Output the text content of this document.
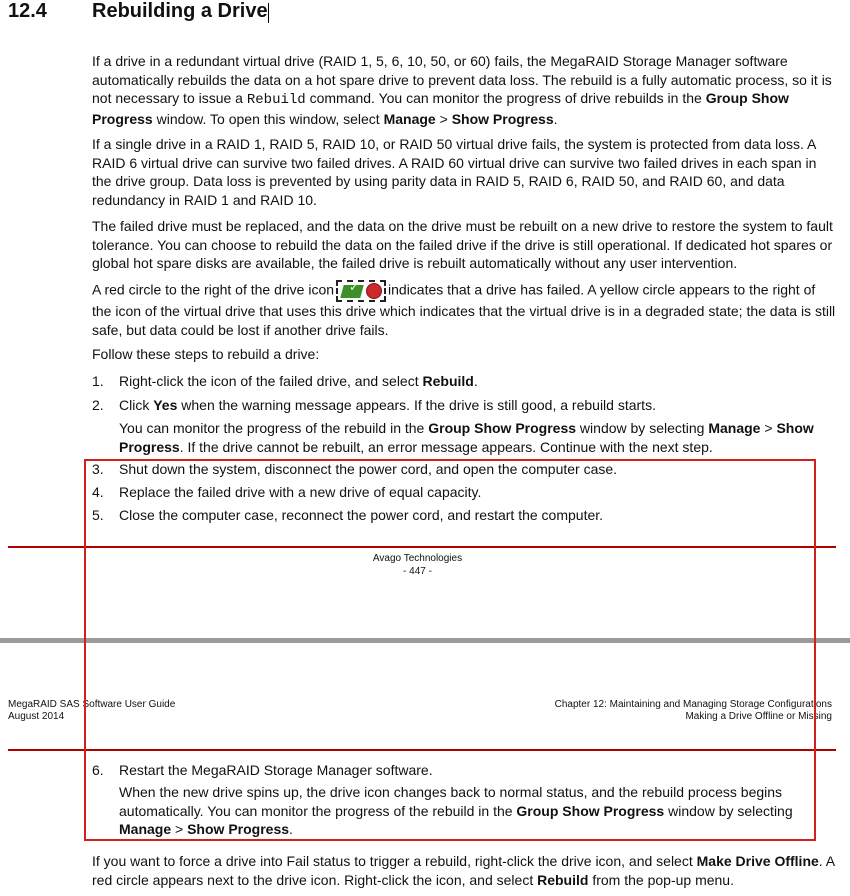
12.4 Rebuilding a Drive

If a drive in a redundant virtual drive (RAID 1, 5, 6, 10, 50, or 60) fails, the MegaRAID Storage Manager software automatically rebuilds the data on a hot spare drive to prevent data loss. The rebuild is a fully automatic process, so it is not necessary to issue a Rebuild command. You can monitor the progress of drive rebuilds in the Group Show Progress window. To open this window, select Manage > Show Progress.

If a single drive in a RAID 1, RAID 5, RAID 10, or RAID 50 virtual drive fails, the system is protected from data loss. A RAID 6 virtual drive can survive two failed drives. A RAID 60 virtual drive can survive two failed drives in each span in the drive group. Data loss is prevented by using parity data in RAID 5, RAID 6, RAID 50, and RAID 60, and data redundancy in RAID 1 and RAID 10.

The failed drive must be replaced, and the data on the drive must be rebuilt on a new drive to restore the system to fault tolerance. You can choose to rebuild the data on the failed drive if the drive is still operational. If dedicated hot spares or global hot spare disks are available, the failed drive is rebuilt automatically without any user intervention.

A red circle to the right of the drive icon ✓ indicates that a drive has failed. A yellow circle appears to the right of the icon of the virtual drive that uses this drive which indicates that the virtual drive is in a degraded state; the data is still safe, but data could be lost if another drive fails.

Follow these steps to rebuild a drive:

1. Right-click the icon of the failed drive, and select Rebuild.
2. Click Yes when the warning message appears. If the drive is still good, a rebuild starts.
You can monitor the progress of the rebuild in the Group Show Progress window by selecting Manage > Show Progress. If the drive cannot be rebuilt, an error message appears. Continue with the next step.
3. Shut down the system, disconnect the power cord, and open the computer case.
4. Replace the failed drive with a new drive of equal capacity.
5. Close the computer case, reconnect the power cord, and restart the computer.
Avago Technologies
- 447 -
MegaRAID SAS Software User Guide
August 2014
Chapter 12: Maintaining and Managing Storage Configurations
Making a Drive Offline or Missing
6. Restart the MegaRAID Storage Manager software.
When the new drive spins up, the drive icon changes back to normal status, and the rebuild process begins automatically. You can monitor the progress of the rebuild in the Group Show Progress window by selecting Manage > Show Progress.

If you want to force a drive into Fail status to trigger a rebuild, right-click the drive icon, and select Make Drive Offline. A red circle appears next to the drive icon. Right-click the icon, and select Rebuild from the pop-up menu.
